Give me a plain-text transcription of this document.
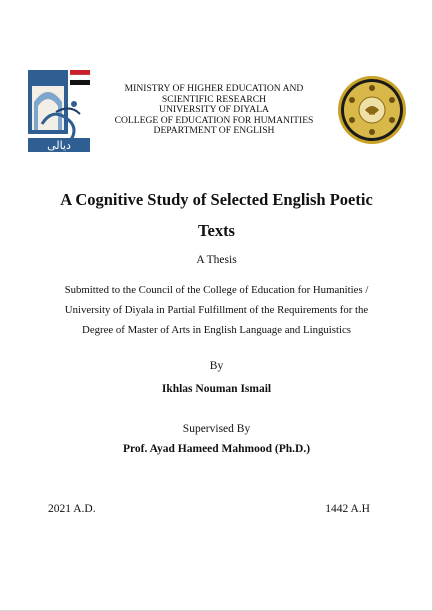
دیالی
MINISTRY OF HIGHER EDUCATION AND
SCIENTIFIC RESEARCH
UNIVERSITY OF DIYALA
COLLEGE OF EDUCATION FOR HUMANITIES
DEPARTMENT OF ENGLISH
A Cognitive Study of Selected English Poetic
Texts
A Thesis
Submitted to the Council of the College of Education for Humanities /
University of Diyala in Partial Fulfillment of the Requirements for the
Degree of Master of Arts in English Language and Linguistics
By
Ikhlas Nouman Ismail
Supervised By
Prof. Ayad Hameed Mahmood (Ph.D.)
2021 A.D.	1442 A.H
